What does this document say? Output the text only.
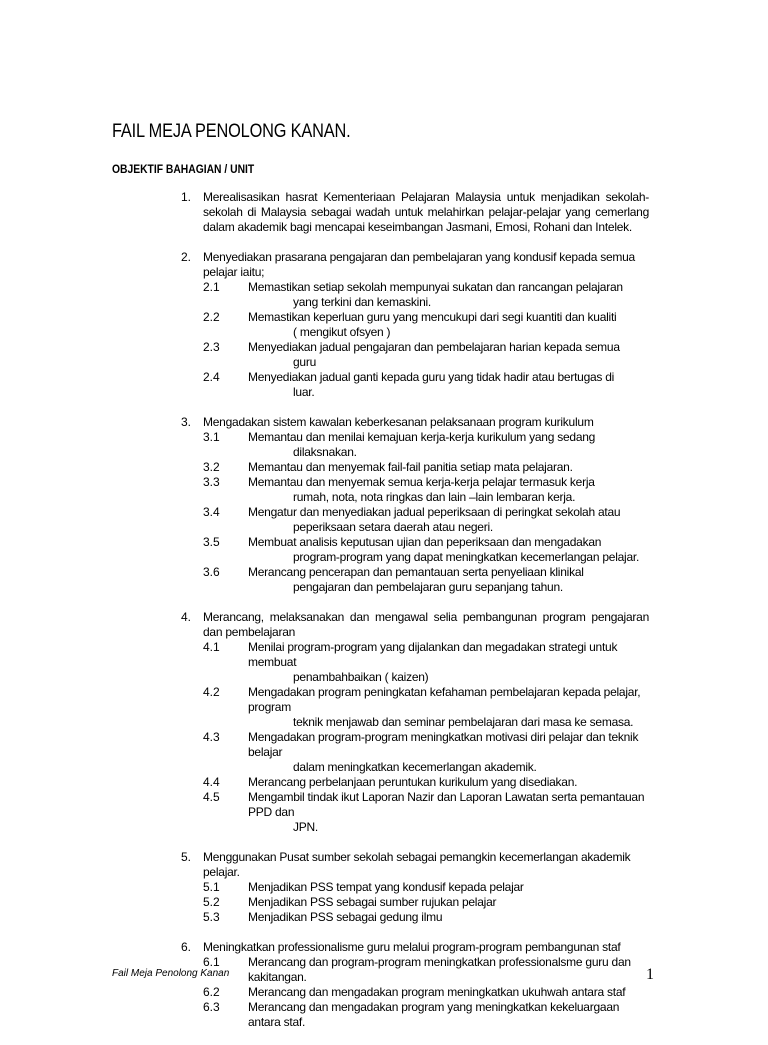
FAIL MEJA PENOLONG KANAN.
OBJEKTIF BAHAGIAN / UNIT
1. Merealisasikan hasrat Kementeriaan Pelajaran Malaysia untuk menjadikan sekolah-sekolah di Malaysia sebagai wadah untuk melahirkan pelajar-pelajar yang cemerlang dalam akademik bagi mencapai keseimbangan Jasmani, Emosi, Rohani dan Intelek.
2. Menyediakan prasarana pengajaran dan pembelajaran yang kondusif kepada semua pelajar iaitu;
2.1 Memastikan setiap sekolah mempunyai sukatan dan rancangan pelajaran
yang terkini dan kemaskini.
2.2 Memastikan keperluan guru yang mencukupi dari segi kuantiti dan kualiti
( mengikut ofsyen )
2.3 Menyediakan jadual pengajaran dan pembelajaran harian kepada semua
guru
2.4 Menyediakan jadual ganti kepada guru yang tidak hadir atau bertugas di
luar.
3. Mengadakan sistem kawalan keberkesanan pelaksanaan program kurikulum
3.1 Memantau dan menilai kemajuan kerja-kerja kurikulum yang sedang
dilaksnakan.
3.2 Memantau dan menyemak fail-fail panitia setiap mata pelajaran.
3.3 Memantau dan menyemak semua kerja-kerja pelajar termasuk kerja
rumah, nota, nota ringkas dan lain –lain lembaran kerja.
3.4 Mengatur dan menyediakan jadual peperiksaan di peringkat sekolah atau
peperiksaan setara daerah atau negeri.
3.5 Membuat analisis keputusan ujian dan peperiksaan dan mengadakan
program-program yang dapat meningkatkan kecemerlangan pelajar.
3.6 Merancang pencerapan dan pemantauan serta penyeliaan klinikal
pengajaran dan pembelajaran guru sepanjang tahun.
4. Merancang, melaksanakan dan mengawal selia pembangunan program pengajaran dan pembelajaran
4.1 Menilai program-program yang dijalankan dan megadakan strategi untuk membuat
penambahbaikan ( kaizen)
4.2 Mengadakan program peningkatan kefahaman pembelajaran kepada pelajar, program
teknik menjawab dan seminar pembelajaran dari masa ke semasa.
4.3 Mengadakan program-program meningkatkan motivasi diri pelajar dan teknik belajar
dalam meningkatkan kecemerlangan akademik.
4.4 Merancang perbelanjaan peruntukan kurikulum yang disediakan.
4.5 Mengambil tindak ikut Laporan Nazir dan Laporan Lawatan serta pemantauan PPD dan
JPN.
5. Menggunakan Pusat sumber sekolah sebagai pemangkin kecemerlangan akademik pelajar.
5.1 Menjadikan PSS tempat yang kondusif kepada pelajar
5.2 Menjadikan PSS sebagai sumber rujukan pelajar
5.3 Menjadikan PSS sebagai gedung ilmu
6. Meningkatkan professionalisme guru melalui program-program pembangunan staf
6.1 Merancang dan program-program meningkatkan professionalsme guru dan kakitangan.
6.2 Merancang dan mengadakan program meningkatkan ukuhwah antara staf
6.3 Merancang dan mengadakan program yang meningkatkan kekeluargaan antara staf.
Fail Meja Penolong Kanan	1
